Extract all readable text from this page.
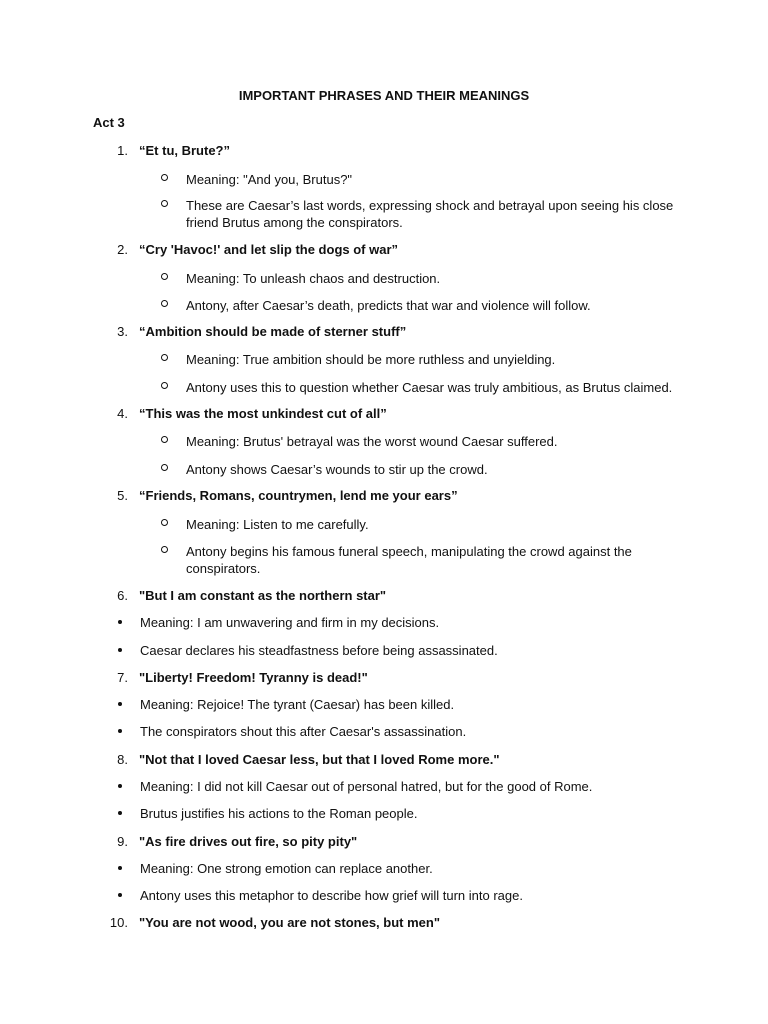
IMPORTANT PHRASES AND THEIR MEANINGS
Act 3
1. “Et tu, Brute?”
Meaning: "And you, Brutus?"
These are Caesar’s last words, expressing shock and betrayal upon seeing his close friend Brutus among the conspirators.
2. “Cry 'Havoc!' and let slip the dogs of war”
Meaning: To unleash chaos and destruction.
Antony, after Caesar’s death, predicts that war and violence will follow.
3. “Ambition should be made of sterner stuff”
Meaning: True ambition should be more ruthless and unyielding.
Antony uses this to question whether Caesar was truly ambitious, as Brutus claimed.
4. “This was the most unkindest cut of all”
Meaning: Brutus' betrayal was the worst wound Caesar suffered.
Antony shows Caesar’s wounds to stir up the crowd.
5. “Friends, Romans, countrymen, lend me your ears”
Meaning: Listen to me carefully.
Antony begins his famous funeral speech, manipulating the crowd against the conspirators.
6. "But I am constant as the northern star"
Meaning: I am unwavering and firm in my decisions.
Caesar declares his steadfastness before being assassinated.
7. "Liberty! Freedom! Tyranny is dead!"
Meaning: Rejoice! The tyrant (Caesar) has been killed.
The conspirators shout this after Caesar's assassination.
8. "Not that I loved Caesar less, but that I loved Rome more."
Meaning: I did not kill Caesar out of personal hatred, but for the good of Rome.
Brutus justifies his actions to the Roman people.
9. "As fire drives out fire, so pity pity"
Meaning: One strong emotion can replace another.
Antony uses this metaphor to describe how grief will turn into rage.
10. "You are not wood, you are not stones, but men"
